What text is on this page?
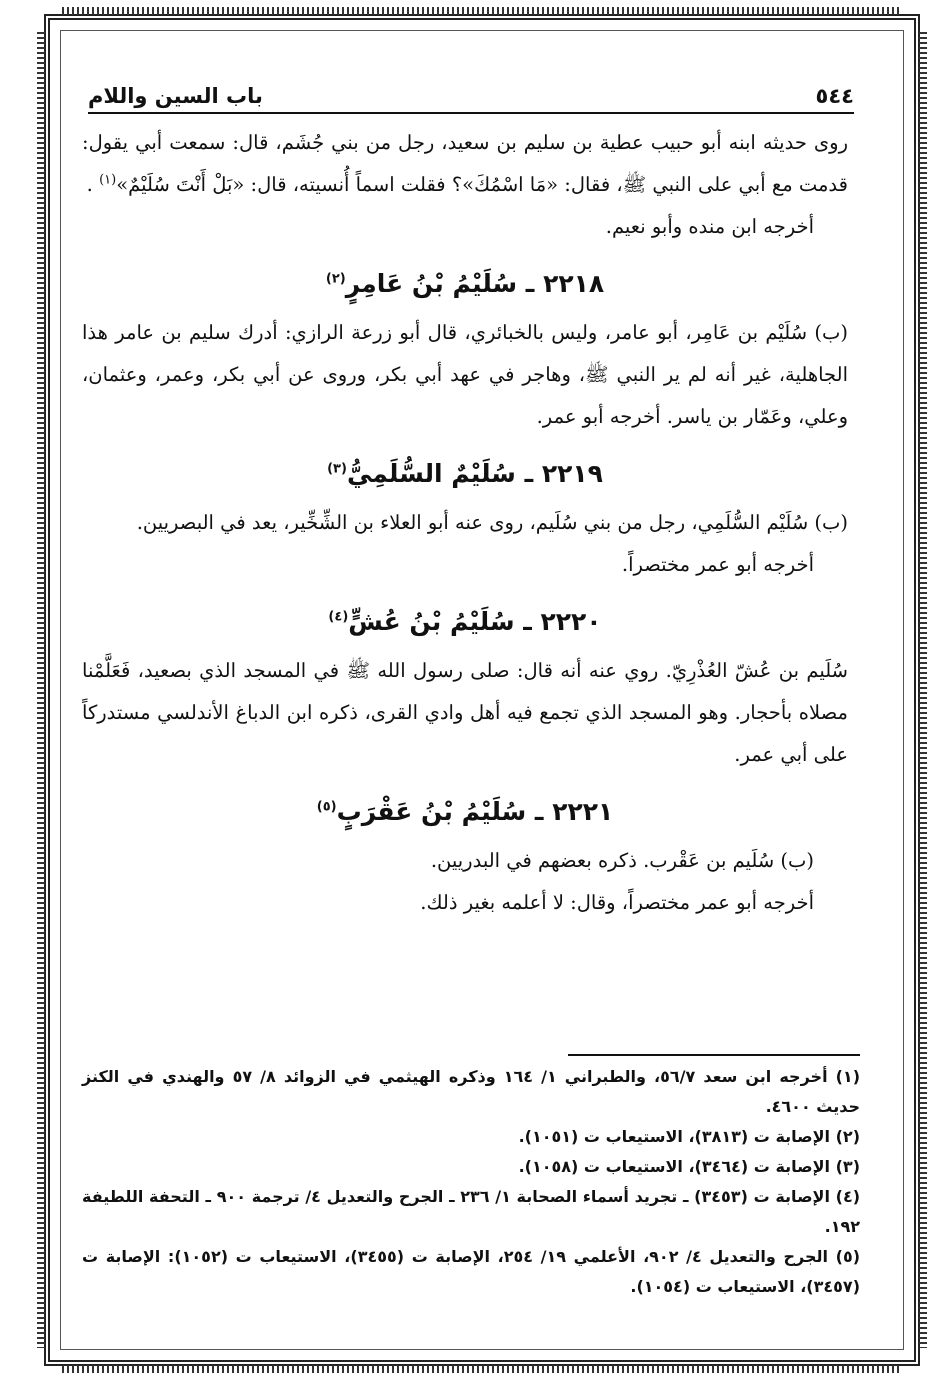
٥٤٤
باب السين واللام

روى حديثه ابنه أبو حبيب عطية بن سليم بن سعيد، رجل من بني جُشَم، قال: سمعت أبي يقول: قدمت مع أبي على النبي ﷺ، فقال: «مَا اسْمُكَ»؟ فقلت اسماً أُنسيته، قال: «بَلْ أَنْتَ سُلَيْمٌ»$^{(١)}$ .

أخرجه ابن منده وأبو نعيم.

٢٢١٨ ـ سُلَيْمُ بْنُ عَامِرٍ$^{(٢)}$

(ب) سُلَيْم بن عَامِر، أبو عامر، وليس بالخبائري، قال أبو زرعة الرازي: أدرك سليم بن عامر هذا الجاهلية، غير أنه لم ير النبي ﷺ، وهاجر في عهد أبي بكر، وروى عن أبي بكر، وعمر، وعثمان، وعلي، وعَمّار بن ياسر. أخرجه أبو عمر.

٢٢١٩ ـ سُلَيْمٌ السُّلَمِيُّ$^{(٣)}$

(ب) سُلَيْم السُّلَمِي، رجل من بني سُلَيم، روى عنه أبو العلاء بن الشِّخِّير، يعد في البصريين.

أخرجه أبو عمر مختصراً.

٢٢٢٠ ـ سُلَيْمُ بْنُ عُشٍّ$^{(٤)}$

سُلَيم بن عُشّ العُذْرِيّ. روي عنه أنه قال: صلى رسول الله ﷺ في المسجد الذي بصعيد، فَعَلَّمْنا مصلاه بأحجار. وهو المسجد الذي تجمع فيه أهل وادي القرى، ذكره ابن الدباغ الأندلسي مستدركاً على أبي عمر.

٢٢٢١ ـ سُلَيْمُ بْنُ عَقْرَبٍ$^{(٥)}$

(ب) سُلَيم بن عَقْرب. ذكره بعضهم في البدريين.

أخرجه أبو عمر مختصراً، وقال: لا أعلمه بغير ذلك.

(١) أخرجه ابن سعد ٥٦/٧، والطبراني ١/ ١٦٤ وذكره الهيثمي في الزوائد ٨/ ٥٧ والهندي في الكنز حديث ٤٦٠٠.

(٢) الإصابة ت (٣٨١٣)، الاستيعاب ت (١٠٥١).

(٣) الإصابة ت (٣٤٦٤)، الاستيعاب ت (١٠٥٨).

(٤) الإصابة ت (٣٤٥٣) ـ تجريد أسماء الصحابة ١/ ٢٣٦ ـ الجرح والتعديل ٤/ ترجمة ٩٠٠ ـ التحفة اللطيفة ١٩٢.

(٥) الجرح والتعديل ٤/ ٩٠٢، الأعلمي ١٩/ ٢٥٤، الإصابة ت (٣٤٥٥)، الاستيعاب ت (١٠٥٢): الإصابة ت (٣٤٥٧)، الاستيعاب ت (١٠٥٤).
